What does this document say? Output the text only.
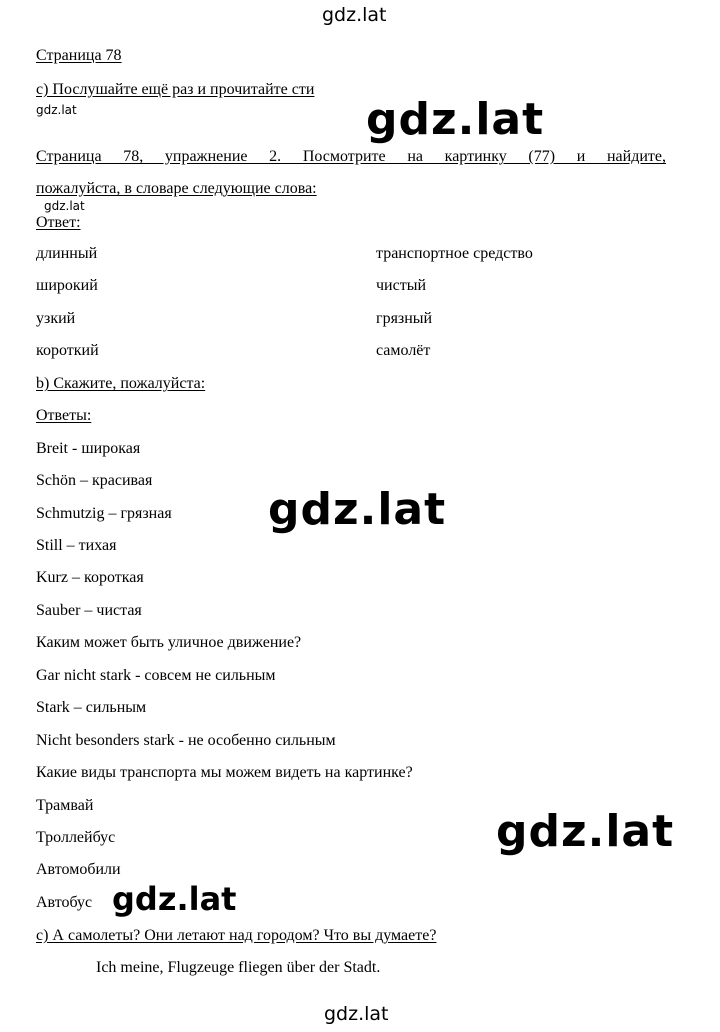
gdz.lat
gdz.lat	gdz.lat
gdz.lat
gdz.lat
gdz.lat
gdz.lat
gdz.lat
Страница 78
с) Послушайте ещё раз и прочитайте сти
Страница 78, упражнение 2. Посмотрите на картинку (77) и найдите,
пожалуйста, в словаре следующие слова:
Ответ:
длинный
широкий
узкий
короткий
транспортное средство
чистый
грязный
самолёт
b) Скажите, пожалуйста:
Ответы:
Breit - широкая
Schön – красивая
Schmutzig – грязная
Still – тихая
Kurz – короткая
Sauber – чистая
Каким может быть уличное движение?
Gar nicht stark - совсем не сильным
Stark – сильным
Nicht besonders stark - не особенно сильным
Какие виды транспорта мы можем видеть на картинке?
Трамвай
Троллейбус
Автомобили
Автобус
с) А самолеты? Они летают над городом? Что вы думаете?
Ich meine, Flugzeuge fliegen über der Stadt.
